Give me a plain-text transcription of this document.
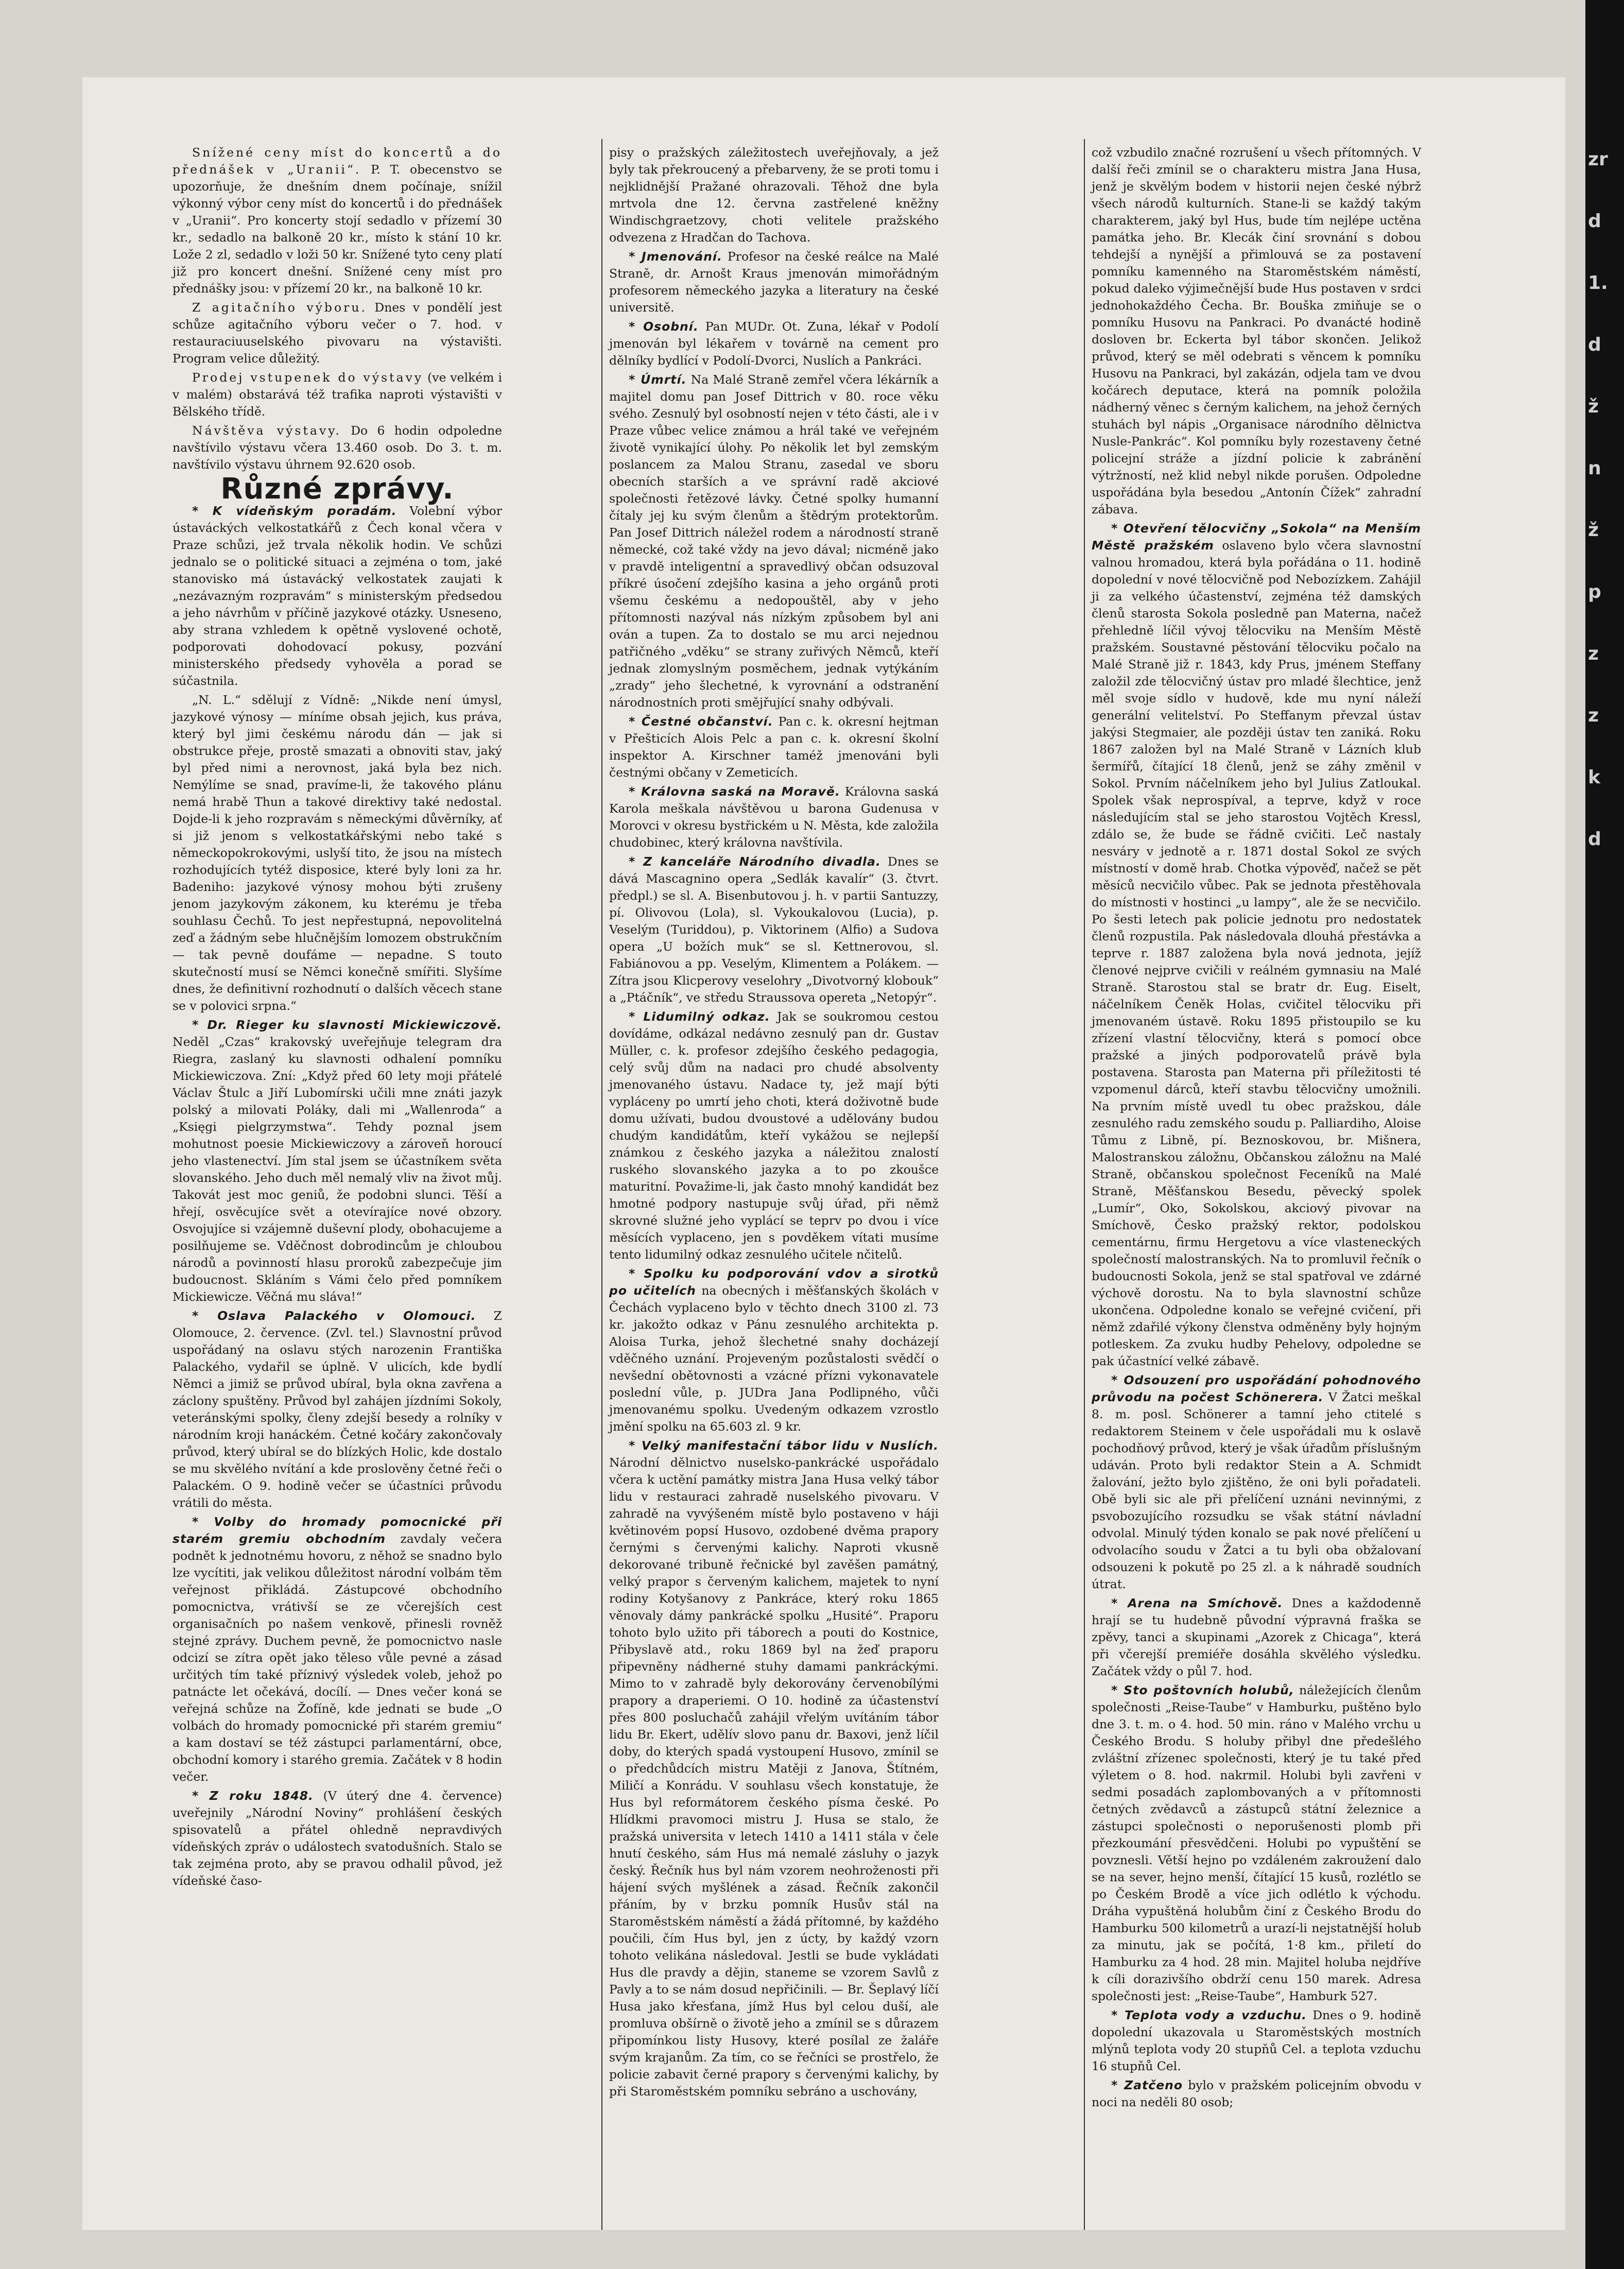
Snížené ceny míst do koncertů a do přednášek v „Uranii“. P. T. obecenstvo se upozorňuje, že dnešním dnem počínaje, snížil výkonný výbor ceny míst do koncertů i do přednášek v „Uranii“. Pro koncerty stojí sedadlo v přízemí 30 kr., sedadlo na balkoně 20 kr., místo k stání 10 kr. Lože 2 zl, sedadlo v loži 50 kr. Snížené tyto ceny platí již pro koncert dnešní. Snížené ceny míst pro přednášky jsou: v přízemí 20 kr., na balkoně 10 kr.

Z agitačního výboru. Dnes v pondělí jest schůze agitačního výboru večer o 7. hod. v restauraciuuselského pivovaru na výstavišti. Program velice důležitý.

Prodej vstupenek do výstavy (ve velkém i v malém) obstarává též trafika naproti výstavišti v Bělského třídě.

Návštěva výstavy. Do 6 hodin odpoledne navštívilo výstavu včera 13.460 osob. Do 3. t. m. navštívilo výstavu úhrnem 92.620 osob.

Různé zprávy.

* K vídeňským poradám. Volební výbor ústaváckých velkostatkářů z Čech konal včera v Praze schůzi, jež trvala několik hodin. Ve schůzi jednalo se o politické situaci a zejména o tom, jaké stanovisko má ústavácký velkostatek zaujati k „nezávazným rozpravám“ s ministerským předsedou a jeho návrhům v příčině jazykové otázky. Usneseno, aby strana vzhledem k opětně vyslovené ochotě, podporovati dohodovací pokusy, pozvání ministerského předsedy vyhověla a porad se súčastnila.

„N. L.“ sdělují z Vídně: „Nikde není úmysl, jazykové výnosy — míníme obsah jejich, kus práva, který byl jimi českému národu dán — jak si obstrukce přeje, prostě smazati a obnoviti stav, jaký byl před nimi a nerovnost, jaká byla bez nich. Nemýlíme se snad, pravíme-li, že takového plánu nemá hrabě Thun a takové direktivy také nedostal. Dojde-li k jeho rozpravám s německými důvěrníky, ať si již jenom s velkostatkářskými nebo také s německopokrokovými, uslyší tito, že jsou na místech rozhodujících tytéž disposice, které byly loni za hr. Badeniho: jazykové výnosy mohou býti zrušeny jenom jazykovým zákonem, ku kterému je třeba souhlasu Čechů. To jest nepřestupná, nepovolitelná zeď a žádným sebe hlučnějším lomozem obstrukčním — tak pevně doufáme — nepadne. S touto skutečností musí se Němci konečně smířiti. Slyšíme dnes, že definitivní rozhodnutí o dalších věcech stane se v polovici srpna.“

* Dr. Rieger ku slavnosti Mickiewiczově. Neděl „Czas“ krakovský uveřejňuje telegram dra Riegra, zaslaný ku slavnosti odhalení pomníku Mickiewiczova. Zní: „Když před 60 lety moji přátelé Václav Štulc a Jiří Lubomírski učili mne znáti jazyk polský a milovati Poláky, dali mi „Wallenroda“ a „Księgi pielgrzymstwa“. Tehdy poznal jsem mohutnost poesie Mickiewiczovy a zároveň horoucí jeho vlastenectví. Jím stal jsem se účastníkem světa slovanského. Jeho duch měl nemalý vliv na život můj. Takovát jest moc geniů, že podobni slunci. Těší a hřejí, osvěcujíce svět a otevírajíce nové obzory. Osvojujíce si vzájemně duševní plody, obohacujeme a posilňujeme se. Vděčnost dobrodincům je chloubou národů a povinností hlasu proroků zabezpečuje jim budoucnost. Skláním s Vámi čelo před pomníkem Mickiewicze. Věčná mu sláva!“

* Oslava Palackého v Olomouci. Z Olomouce, 2. července. (Zvl. tel.) Slavnostní průvod uspořádaný na oslavu stých narozenin Františka Palackého, vydařil se úplně. V ulicích, kde bydlí Němci a jimiž se průvod ubíral, byla okna zavřena a záclony spuštěny. Průvod byl zahájen jízdními Sokoly, veteránskými spolky, členy zdejší besedy a rolníky v národním kroji hanáckém. Četné kočáry zakončovaly průvod, který ubíral se do blízkých Holic, kde dostalo se mu skvělého nvítání a kde proslověny četné řeči o Palackém. O 9. hodině večer se účastníci průvodu vrátili do města.

* Volby do hromady pomocnické při starém gremiu obchodním zavdaly večera podnět k jednotnému hovoru, z něhož se snadno bylo lze vycítiti, jak velikou důležitost národní volbám těm veřejnost přikládá. Zástupcové obchodního pomocnictva, vrátivší se ze včerejších cest organisačních po našem venkově, přinesli rovněž stejné zprávy. Duchem pevně, že pomocnictvo nasle odcizí se zítra opět jako těleso vůle pevné a zásad určitých tím také příznivý výsledek voleb, jehož po patnácte let očekává, docílí. — Dnes večer koná se veřejná schůze na Žofíně, kde jednati se bude „O volbách do hromady pomocnické při starém gremiu“ a kam dostaví se též zástupci parlamentární, obce, obchodní komory i starého gremia. Začátek v 8 hodin večer.

* Z roku 1848. (V úterý dne 4. července) uveřejnily „Národní Noviny“ prohlášení českých spisovatelů a přátel ohledně nepravdivých vídeňských zpráv o událostech svatodušních. Stalo se tak zejména proto, aby se pravou odhalil původ, jež vídeňské časo-

pisy o pražských záležitostech uveřejňovaly, a jež byly tak překroucený a přebarveny, že se proti tomu i nejklidnější Pražané ohrazovali. Těhož dne byla mrtvola dne 12. června zastřelené kněžny Windischgraetzovy, choti velitele pražského odvezena z Hradčan do Tachova.

* Jmenování. Profesor na české reálce na Malé Straně, dr. Arnošt Kraus jmenován mimořádným profesorem německého jazyka a literatury na české universitě.

* Osobní. Pan MUDr. Ot. Zuna, lékař v Podolí jmenován byl lékařem v továrně na cement pro dělníky bydlící v Podolí-Dvorci, Nuslích a Pankráci.

* Úmrtí. Na Malé Straně zemřel včera lékárník a majitel domu pan Josef Dittrich v 80. roce věku svého. Zesnulý byl osobností nejen v této části, ale i v Praze vůbec velice známou a hrál také ve veřejném životě vynikající úlohy. Po několik let byl zemským poslancem za Malou Stranu, zasedal ve sboru obecních starších a ve správní radě akciové společnosti řetězové lávky. Četné spolky humanní čítaly jej ku svým členům a štědrým protektorům. Pan Josef Dittrich náležel rodem a národností straně německé, což také vždy na jevo dával; nicméně jako v pravdě inteligentní a spravedlivý občan odsuzoval příkré úsočení zdejšího kasina a jeho orgánů proti všemu českému a nedopouštěl, aby v jeho přítomnosti nazýval nás nízkým způsobem byl ani ován a tupen. Za to dostalo se mu arci nejednou patřičného „vděku“ se strany zuřivých Němců, kteří jednak zlomyslným posměchem, jednak vytýkáním „zrady“ jeho šlechetné, k vyrovnání a odstranění národnostních proti smějřující snahy odbývali.

* Čestné občanství. Pan c. k. okresní hejtman v Přešticích Alois Pelc a pan c. k. okresní školní inspektor A. Kirschner taméž jmenováni byli čestnými občany v Zemeticích.

* Královna saská na Moravě. Královna saská Karola meškala návštěvou u barona Gudenusa v Morovci v okresu bystřickém u N. Města, kde založila chudobinec, který královna navštívila.

* Z kanceláře Národního divadla. Dnes se dává Mascagnino opera „Sedlák kavalír“ (3. čtvrt. předpl.) se sl. A. Bisenbutovou j. h. v partii Santuzzy, pí. Olivovou (Lola), sl. Vykoukalovou (Lucia), p. Veselým (Turiddou), p. Viktorinem (Alfio) a Sudova opera „U božích muk“ se sl. Kettnerovou, sl. Fabiánovou a pp. Veselým, Klimentem a Polákem. — Zítra jsou Klicperovy veselohry „Divotvorný klobouk“ a „Ptáčník“, ve středu Straussova opereta „Netopýr“.

* Lidumilný odkaz. Jak se soukromou cestou dovídáme, odkázal nedávno zesnulý pan dr. Gustav Müller, c. k. profesor zdejšího českého pedagogia, celý svůj dům na nadaci pro chudé absolventy jmenovaného ústavu. Nadace ty, jež mají býti vypláceny po umrtí jeho choti, která doživotně bude domu užívati, budou dvoustové a udělovány budou chudým kandidátům, kteří vykážou se nejlepší známkou z českého jazyka a náležitou znalostí ruského slovanského jazyka a to po zkoušce maturitní. Považime-li, jak často mnohý kandidát bez hmotné podpory nastupuje svůj úřad, při němž skrovné služné jeho vyplácí se teprv po dvou i více měsících vyplaceno, jen s povděkem vítati musíme tento lidumilný odkaz zesnulého učitele nčitelů.

* Spolku ku podporování vdov a sirotků po učitelích na obecných i měšťanských školách v Čechách vyplaceno bylo v těchto dnech 3100 zl. 73 kr. jakožto odkaz v Pánu zesnulého architekta p. Aloisa Turka, jehož šlechetné snahy docházejí vděčného uznání. Projeveným pozůstalosti svědčí o nevšední obětovnosti a vzácné přízni vykonavatele poslední vůle, p. JUDra Jana Podlipného, vůči jmenovanému spolku. Uvedeným odkazem vzrostlo jmění spolku na 65.603 zl. 9 kr.

* Velký manifestační tábor lidu v Nuslích. Národní dělnictvo nuselsko-pankrácké uspořádalo včera k uctění památky mistra Jana Husa velký tábor lidu v restauraci zahradě nuselského pivovaru. V zahradě na vyvýšeném místě bylo postaveno v háji květinovém popsí Husovo, ozdobené dvěma prapory černými s červenými kalichy. Naproti vkusně dekorované tribuně řečnické byl zavěšen památný, velký prapor s červeným kalichem, majetek to nyní rodiny Kotyšanovy z Pankráce, který roku 1865 věnovaly dámy pankrácké spolku „Husité“. Praporu tohoto bylo užito při táborech a pouti do Kostnice, Přibyslavě atd., roku 1869 byl na žeď praporu připevněny nádherné stuhy damami pankráckými. Mimo to v zahradě byly dekorovány červenobílými prapory a draperiemi. O 10. hodině za účastenství přes 800 posluchačů zahájil vřelým uvítáním tábor lidu Br. Ekert, udělív slovo panu dr. Baxovi, jenž líčil doby, do kterých spadá vystoupení Husovo, zmínil se o předchůdcích mistru Matěji z Janova, Štítném, Miličí a Konrádu. V souhlasu všech konstatuje, že Hus byl reformátorem českého písma české. Po Hlídkmi pravomoci mistru J. Husa se stalo, že pražská universita v letech 1410 a 1411 stála v čele hnutí českého, sám Hus má nemalé zásluhy o jazyk český. Řečník hus byl nám vzorem neohroženosti při hájení svých myšlének a zásad. Řečník zakončil přáním, by v brzku pomník Husův stál na Staroměstském náměstí a žádá přítomné, by každého poučili, čím Hus byl, jen z úcty, by každý vzorn tohoto velikána následoval. Jestli se bude vykládati Hus dle pravdy a dějin, staneme se vzorem Savlů z Pavly a to se nám dosud nepřičinili. — Br. Šeplavý líčí Husa jako křesťana, jímž Hus byl celou duší, ale promluva obšírně o životě jeho a zmínil se s důrazem připomínkou listy Husovy, které posílal ze žaláře svým krajanům. Za tím, co se řečníci se prostřelo, že policie zabavit černé prapory s červenými kalichy, by při Staroměstském pomníku sebráno a uschovány,

což vzbudilo značné rozrušení u všech přítomných. V další řeči zmínil se o charakteru mistra Jana Husa, jenž je skvělým bodem v historii nejen české nýbrž všech národů kulturních. Stane-li se každý takým charakterem, jaký byl Hus, bude tím nejlépe uctěna památka jeho. Br. Klecák činí srovnání s dobou tehdejší a nynější a přimlouvá se za postavení pomníku kamenného na Staroměstském náměstí, pokud daleko výjimečnější bude Hus postaven v srdci jednohokaždého Čecha. Br. Bouška zmiňuje se o pomníku Husovu na Pankraci. Po dvanácté hodině dosloven br. Eckerta byl tábor skončen. Jelikož průvod, který se měl odebrati s věncem k pomníku Husovu na Pankraci, byl zakázán, odjela tam ve dvou kočárech deputace, která na pomník položila nádherný věnec s černým kalichem, na jehož černých stuhách byl nápis „Organisace národního dělnictva Nusle-Pankrác“. Kol pomníku byly rozestaveny četné policejní stráže a jízdní policie k zabránění výtržností, než klid nebyl nikde porušen. Odpoledne uspořádána byla besedou „Antonín Čížek“ zahradní zábava.

* Otevření tělocvičny „Sokola“ na Menším Městě pražském oslaveno bylo včera slavnostní valnou hromadou, která byla pořádána o 11. hodině dopolední v nové tělocvičně pod Nebozízkem. Zahájil ji za velkého účastenství, zejména též damských členů starosta Sokola posledně pan Materna, načež přehledně líčil vývoj tělocviku na Menším Městě pražském. Soustavné pěstování tělocviku počalo na Malé Straně již r. 1843, kdy Prus, jménem Steffany založil zde tělocvičný ústav pro mladé šlechtice, jenž měl svoje sídlo v hudově, kde mu nyní náleží generální velitelství. Po Steffanym převzal ústav jakýsi Stegmaier, ale později ústav ten zaniká. Roku 1867 založen byl na Malé Straně v Lázních klub šermířů, čítající 18 členů, jenž se záhy změnil v Sokol. Prvním náčelníkem jeho byl Julius Zatloukal. Spolek však neprospíval, a teprve, když v roce následujícím stal se jeho starostou Vojtěch Kressl, zdálo se, že bude se řádně cvičiti. Leč nastaly nesváry v jednotě a r. 1871 dostal Sokol ze svých místností v domě hrab. Chotka výpověď, načež se pět měsíců necvičilo vůbec. Pak se jednota přestěhovala do místnosti v hostinci „u lampy“, ale že se necvičilo. Po šesti letech pak policie jednotu pro nedostatek členů rozpustila. Pak následovala dlouhá přestávka a teprve r. 1887 založena byla nová jednota, jejíž členové nejprve cvičili v reálném gymnasiu na Malé Straně. Starostou stal se bratr dr. Eug. Eiselt, náčelníkem Čeněk Holas, cvičitel tělocviku při jmenovaném ústavě. Roku 1895 přistoupilo se ku zřízení vlastní tělocvičny, která s pomocí obce pražské a jiných podporovatelů právě byla postavena. Starosta pan Materna při příležitosti té vzpomenul dárců, kteří stavbu tělocvičny umožnili. Na prvním místě uvedl tu obec pražskou, dále zesnulého radu zemského soudu p. Palliardiho, Aloise Tůmu z Libně, pí. Beznoskovou, br. Mišnera, Malostranskou záložnu, Občanskou záložnu na Malé Straně, občanskou společnost Feceníků na Malé Straně, Měšťanskou Besedu, pěvecký spolek „Lumír“, Oko, Sokolskou, akciový pivovar na Smíchově, Česko pražský rektor, podolskou cementárnu, firmu Hergetovu a více vlasteneckých společností malostranských. Na to promluvil řečník o budoucnosti Sokola, jenž se stal spatřoval ve zdárné výchově dorostu. Na to byla slavnostní schůze ukončena. Odpoledne konalo se veřejné cvičení, při němž zdařilé výkony členstva odměněny byly hojným potleskem. Za zvuku hudby Pehelovy, odpoledne se pak účastnící velké zábavě.

* Odsouzení pro uspořádání pohodnového průvodu na počest Schönerera. V Žatci meškal 8. m. posl. Schönerer a tamní jeho ctitelé s redaktorem Steinem v čele uspořádali mu k oslavě pochodňový průvod, který je však úřadům příslušným udáván. Proto byli redaktor Stein a A. Schmidt žalování, ježto bylo zjištěno, že oni byli pořadateli. Obě byli sic ale při přelíčení uznáni nevinnými, z psvobozujícího rozsudku se však státní návladní odvolal. Minulý týden konalo se pak nové přelíčení u odvolacího soudu v Žatci a tu byli oba obžalovaní odsouzeni k pokutě po 25 zl. a k náhradě soudních útrat.

* Arena na Smíchově. Dnes a každodenně hrají se tu hudebně původní výpravná fraška se zpěvy, tanci a skupinami „Azorek z Chicaga“, která při včerejší premiéře dosáhla skvělého výsledku. Začátek vždy o půl 7. hod.

* Sto poštovních holubů, náležejících členům společnosti „Reise-Taube“ v Hamburku, puštěno bylo dne 3. t. m. o 4. hod. 50 min. ráno v Malého vrchu u Českého Brodu. S holuby přibyl dne předešlého zvláštní zřízenec společnosti, který je tu také před výletem o 8. hod. nakrmil. Holubi byli zavřeni v sedmi posadách zaplombovaných a v přítomnosti četných zvědavců a zástupců státní železnice a zástupci společnosti o neporušenosti plomb při přezkoumání přesvědčeni. Holubi po vypuštění se povznesli. Větší hejno po vzdáleném zakroužení dalo se na sever, hejno menší, čítající 15 kusů, rozlétlo se po Českém Brodě a více jich odlétlo k východu. Dráha vypuštěná holubům činí z Českého Brodu do Hamburku 500 kilometrů a urazí-li nejstatnější holub za minutu, jak se počítá, 1·8 km., přiletí do Hamburku za 4 hod. 28 min. Majitel holuba nejdříve k cíli dorazivšího obdrží cenu 150 marek. Adresa společnosti jest: „Reise-Taube“, Hamburk 527.

* Teplota vody a vzduchu. Dnes o 9. hodině dopolední ukazovala u Staroměstských mostních mlýnů teplota vody 20 stupňů Cel. a teplota vzduchu 16 stupňů Cel.

* Zatčeno bylo v pražském policejním obvodu v noci na neděli 80 osob;

zr
d
1.
d
ž
n
ž
p
z
z
k
d
